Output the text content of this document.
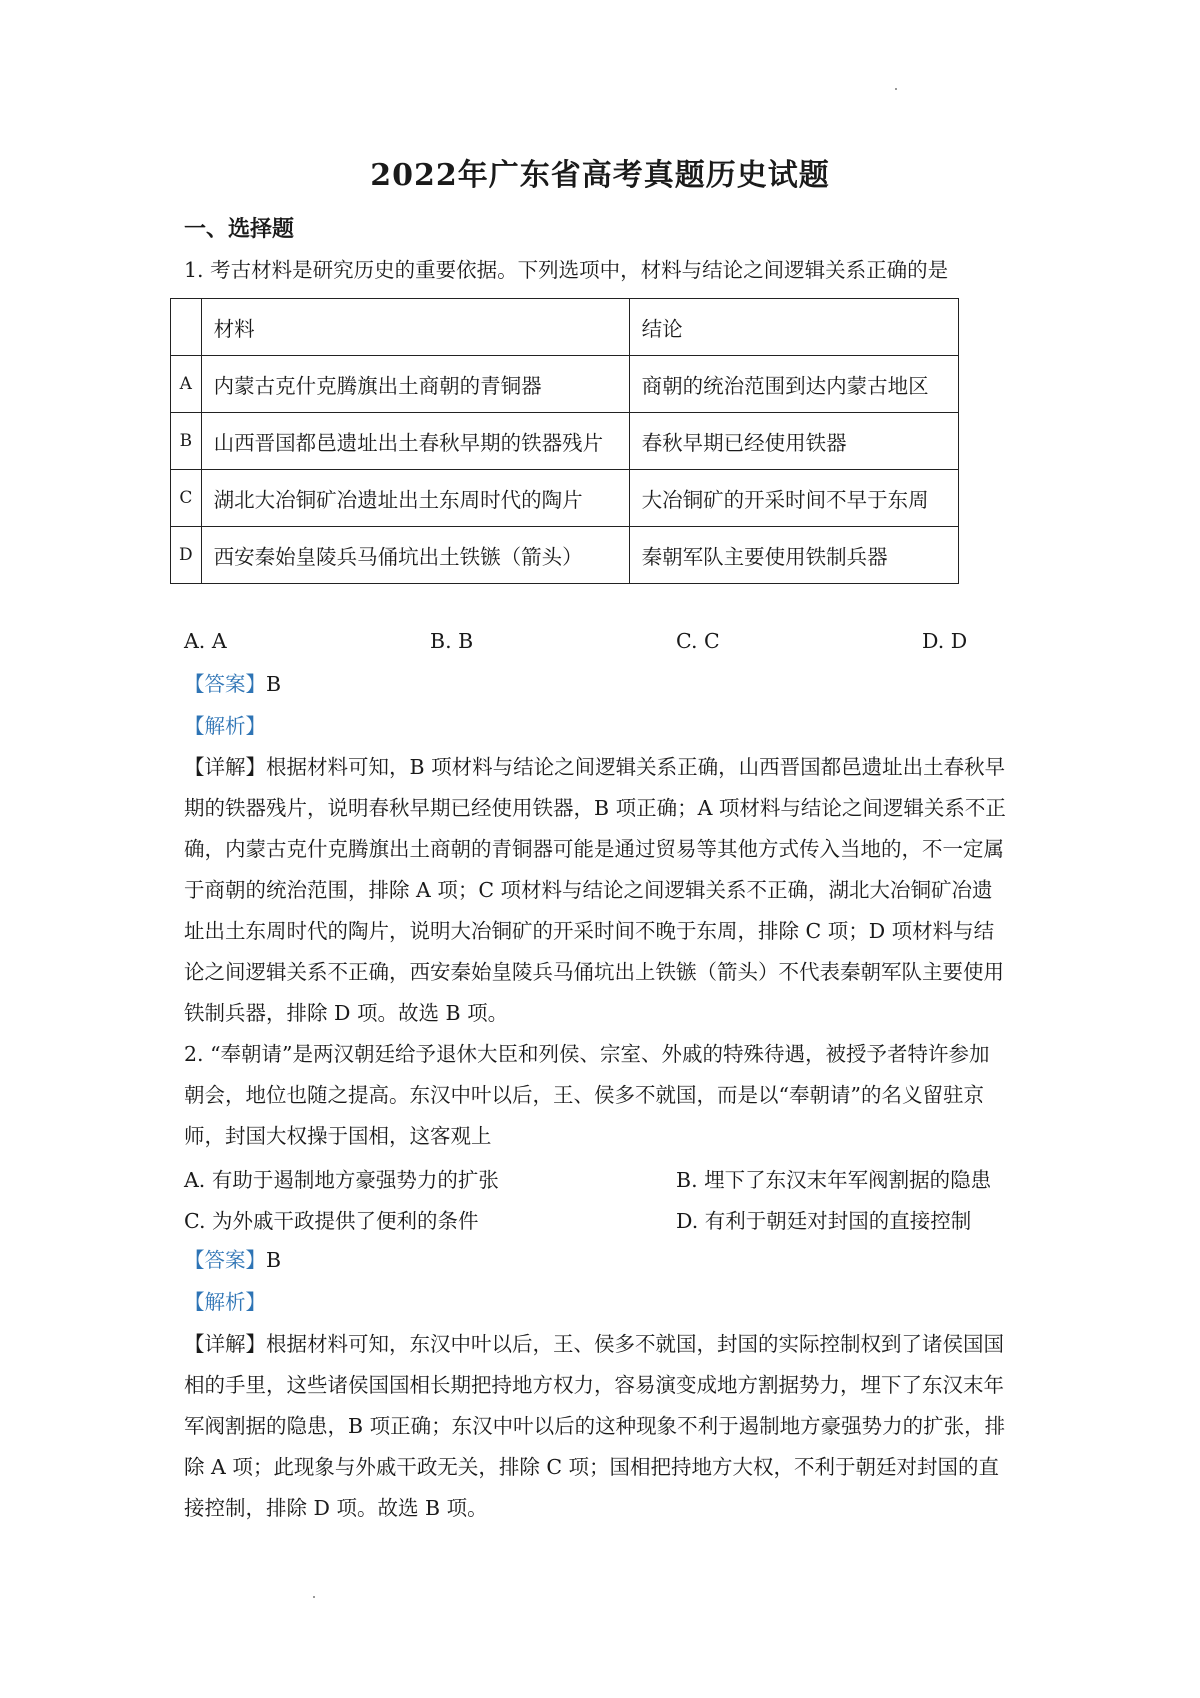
2022年广东省高考真题历史试题
一、选择题
1. 考古材料是研究历史的重要依据。下列选项中，材料与结论之间逻辑关系正确的是
	材料	结论
A	内蒙古克什克腾旗出土商朝的青铜器	商朝的统治范围到达内蒙古地区
B	山西晋国都邑遗址出土春秋早期的铁器残片	春秋早期已经使用铁器
C	湖北大冶铜矿冶遗址出土东周时代的陶片	大冶铜矿的开采时间不早于东周
D	西安秦始皇陵兵马俑坑出土铁镞（箭头）	秦朝军队主要使用铁制兵器
A. A	B. B	C. C	D. D
【答案】B
【解析】
【详解】根据材料可知，B 项材料与结论之间逻辑关系正确，山西晋国都邑遗址出土春秋早
期的铁器残片，说明春秋早期已经使用铁器，B 项正确；A 项材料与结论之间逻辑关系不正
确，内蒙古克什克腾旗出土商朝的青铜器可能是通过贸易等其他方式传入当地的，不一定属
于商朝的统治范围，排除 A 项；C 项材料与结论之间逻辑关系不正确，湖北大冶铜矿冶遗
址出土东周时代的陶片，说明大冶铜矿的开采时间不晚于东周，排除 C 项；D 项材料与结
论之间逻辑关系不正确，西安秦始皇陵兵马俑坑出上铁镞（箭头）不代表秦朝军队主要使用
铁制兵器，排除 D 项。故选 B 项。
2. “奉朝请”是两汉朝廷给予退休大臣和列侯、宗室、外戚的特殊待遇，被授予者特许参加
朝会，地位也随之提高。东汉中叶以后，王、侯多不就国，而是以“奉朝请”的名义留驻京
师，封国大权操于国相，这客观上
A. 有助于遏制地方豪强势力的扩张	B. 埋下了东汉末年军阀割据的隐患
C. 为外戚干政提供了便利的条件	D. 有利于朝廷对封国的直接控制
【答案】B
【解析】
【详解】根据材料可知，东汉中叶以后，王、侯多不就国，封国的实际控制权到了诸侯国国
相的手里，这些诸侯国国相长期把持地方权力，容易演变成地方割据势力，埋下了东汉末年
军阀割据的隐患，B 项正确；东汉中叶以后的这种现象不利于遏制地方豪强势力的扩张，排
除 A 项；此现象与外戚干政无关，排除 C 项；国相把持地方大权，不利于朝廷对封国的直
接控制，排除 D 项。故选 B 项。
